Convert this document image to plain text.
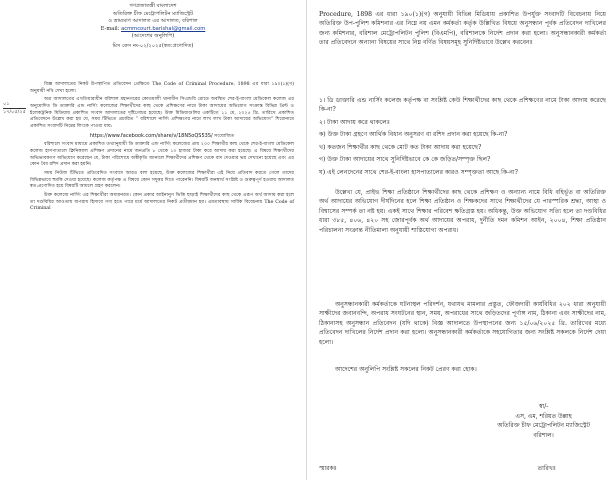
গণপ্রজাতন্ত্রী বাংলাদেশ
অতিরিক্ত চীফ মেট্রোপলিটন ম্যাজিস্ট্রেট
ও ভ্রাম্যমাণ আদালত এর আদালত, বরিশাল
E-mail: acmmcourt.barishal@gmail.com
(আদেশের অনুলিপি)
মিস কেস নং-০২/২০২৫(স্বত:প্রণোদিত)
০১
১৭/০৫/২৫

বিজ্ঞ আদালতের নিকট উপস্থাপিত প্রতিবেদন প্রেক্ষিতে The Code of Criminal Procedure, 1898 এর ধারা ১৯০(১)(গ) অনুযায়ী নথি দেখা হলো।

অত্র আদালতের এখতিয়ারাধীন বরিশাল মহানগরের কোতয়ালী থানাধীন সিএন্ডবি রোডে অবস্থিত শের-ই-বাংলা মেডিকেল কলেজ এর অনুমোদিত ডি ডাক্তারি এন্ড নার্সিং কলেজের শিক্ষার্থীদের কাছ থেকে প্রশিক্ষণের নামে টাকা আদায়ের অভিযোগ সংক্রান্ত বিভিন্ন প্রিন্ট ও ইলেকট্রনিক মিডিয়ায় প্রকাশিত সংবাদ আদালতের দৃষ্টিগোচর হয়েছে। উক্ত মিডিয়াগুলির একটিতে ১১ মে, ২০২৫ খ্রি. তারিখে প্রকাশিত প্রতিবেদনে উল্লেখ করা হয় যে, সময় টিভিতে প্রচারিত “ বরিশালে নার্সিং প্রশিক্ষণের নামে লাখ লাখ টাকা আদায়ের অভিযোগ” শিরোনামে প্রকাশিত সংবাদটি নিম্নের লিংকে পাওয়া যায়:

https://www.facebook.com/share/v/18N5oQS53S/ সংযোজিত

বরিশালে সংবাদ মাধ্যমে প্রকাশিত তথ্যানুযায়ী ডি ডাক্তারি এন্ড নার্সিং কলেজের প্রায় ২০০ শিক্ষার্থীর কাছ থেকে শের-ই-বাংলা মেডিকেল কলেজ হাসপাতালে ক্লিনিক্যাল প্রশিক্ষণ প্রদানের নামে জনপ্রতি ৮ থেকে ১০ হাজার টাকা করে আদায় করা হয়েছে। এ বিষয়ে শিক্ষার্থীদের অভিভাবকগণ অভিযোগ করেছেন যে, টাকা পরিশোধে অস্বীকৃতি জানালে শিক্ষার্থীদের প্রশিক্ষণ থেকে বাদ দেওয়ার ভয় দেখানো হয়েছে এবং এর কোন বৈধ রশিদ প্রদান করা হয়নি।

সময় নিউজ টিভিতে প্রতিবেদিত সংবাদে আরও বলা হয়েছে, উক্ত কলেজের শিক্ষার্থীরা এই নিয়ে প্রতিবাদ করতে গেলে তাদের বিভিন্নভাবে হুমকি দেওয়া হয়েছে। কলেজ কর্তৃপক্ষ এ বিষয়ে কোন সদুত্তর দিতে পারেননি। বিষয়টি জনস্বার্থ সংশ্লিষ্ট ও গুরুত্বপূর্ণ হওয়ায় আদালত স্বত:প্রণোদিত হয়ে বিষয়টি আমলে গ্রহণ করলেন।

উক্ত কলেজে নার্সিং এর শিক্ষার্থীরা অধ্যয়নরত। কোন প্রকার আইনানুগ ভিত্তি ছাড়াই শিক্ষার্থীদের কাছ থেকে এরূপ অর্থ আদায় করা হলে তা দণ্ডবিধির আওতায় অপরাধ হিসাবে গণ্য হতে পারে মর্মে আদালতের নিকট প্রতীয়মান হয়। এমতাবস্থায় সার্বিক বিবেচনায় The Code of Criminal

Procedure, 1898 এর ধারা ১৯০(১)(গ) অনুযায়ী বিভিন্ন মিডিয়ায় প্রকাশিত উপর্যুক্ত সংবাদটি বিবেচনায় নিয়ে অতিরিক্ত উপ-পুলিশ কমিশনার এর নিম্নে নয় এমন কর্মকর্তা কর্তৃক উল্লিখিত বিষয়ে অনুসন্ধান পূর্বক প্রতিবেদন দাখিলের জন্য কমিশনার, বরিশাল মেট্রোপলিটন পুলিশ (বিএমপি), বরিশালকে নির্দেশ প্রদান করা হলো। অনুসন্ধানকারী কর্মকর্তা তার প্রতিবেদনে অন্যান্য বিষয়ের সাথে নিম্ন বর্ণিত বিষয়সমূহ সুনির্দিষ্টভাবে উল্লেখ করবেনঃ

১। ডি ডাক্তারি এন্ড নার্সিং কলেজ কর্তৃপক্ষ বা সংশ্লিষ্ট কেউ শিক্ষার্থীদের কাছ থেকে প্রশিক্ষণের নামে টাকা আদায় করেছে কি-না?
২। টাকা আদায় করে থাকলেঃ
ক) উক্ত টাকা গ্রহণে আর্থিক বিধান অনুসরণ বা রশিদ প্রদান করা হয়েছে কি-না?
খ) কতজন শিক্ষার্থীর কাছ থেকে মোট কত টাকা আদায় করা হয়েছে?
গ) উক্ত টাকা আদায়ের সাথে সুনির্দিষ্টভাবে কে কে জড়িত/সম্পৃক্ত ছিল?
ঘ) এই লেনদেনের সাথে শের-ই-বাংলা হাসপাতালের কারও সম্পৃক্ততা আছে কি-না?

উল্লেখ্য যে, প্রাইভ শিক্ষা প্রতিষ্ঠানে শিক্ষার্থীদের কাছ থেকে প্রশিক্ষণ ও অন্যান্য নামে বিধি বহির্ভূত বা অতিরিক্ত অর্থ আদায়ের অভিযোগ দীর্ঘদিনের হলে শিক্ষা প্রতিষ্ঠান ও শিক্ষকদের সাথে শিক্ষার্থীদের যে পারস্পরিক শ্রদ্ধা, আস্থা ও বিশ্বাসের সম্পর্ক তা নষ্ট হয়। একই সাথে শিক্ষার পরিবেশ ক্ষতিগ্রস্ত হয়। অধিকন্তু, উক্ত অভিযোগ সত্যি হলে তা দণ্ডবিধির ধারা ৩৮৫, ৪০৬, ৪২০ সহ জোরপূর্বক অর্থ আদায়ের অপরাধ, দুর্নীতি দমন কমিশন আইন, ২০০৪, শিক্ষা প্রতিষ্ঠান পরিচালনা সংক্রান্ত নীতিমালা অনুযায়ী শাস্তিযোগ্য অপরাধ।

অনুসন্ধানকারী কর্মকর্তাকে ঘটনাস্থল পরিদর্শন, যথাযথ মামলার প্রস্তুত, ফৌজদারী কার্যবিধির ২০২ ধারা অনুযায়ী সাক্ষীদের জবানবন্দি, অপরাধ সংঘটনের স্থান, সময়, অপরাধের সাথে জড়িতদের পূর্ণাঙ্গ নাম, ঠিকানা এবং সাক্ষীদের নাম, ঠিকানাসহ অনুসন্ধান প্রতিবেদন (যদি থাকে) বিজ্ঞ আদালতে উপস্থাপনের জন্য ১৫/০৬/২০২৫ খ্রি. তারিখের মধ্যে প্রতিবেদন দাখিলের নির্দেশ প্রদান করা হলো। অনুসন্ধানকারী কর্মকর্তাকে সহযোগিতার জন্য সংশ্লিষ্ট সকলকে নির্দেশ দেয়া হলো।

আদেশের অনুলিপি সংশ্লিষ্ট সকলের নিকট প্রেরণ করা হোক।
স্বা/-
এস, এম, শরিয়ত উল্লাহ
অতিরিক্ত চীফ মেট্রোপলিটন ম্যাজিস্ট্রেট
বরিশাল।
স্মারকঃ	তারিখঃ
